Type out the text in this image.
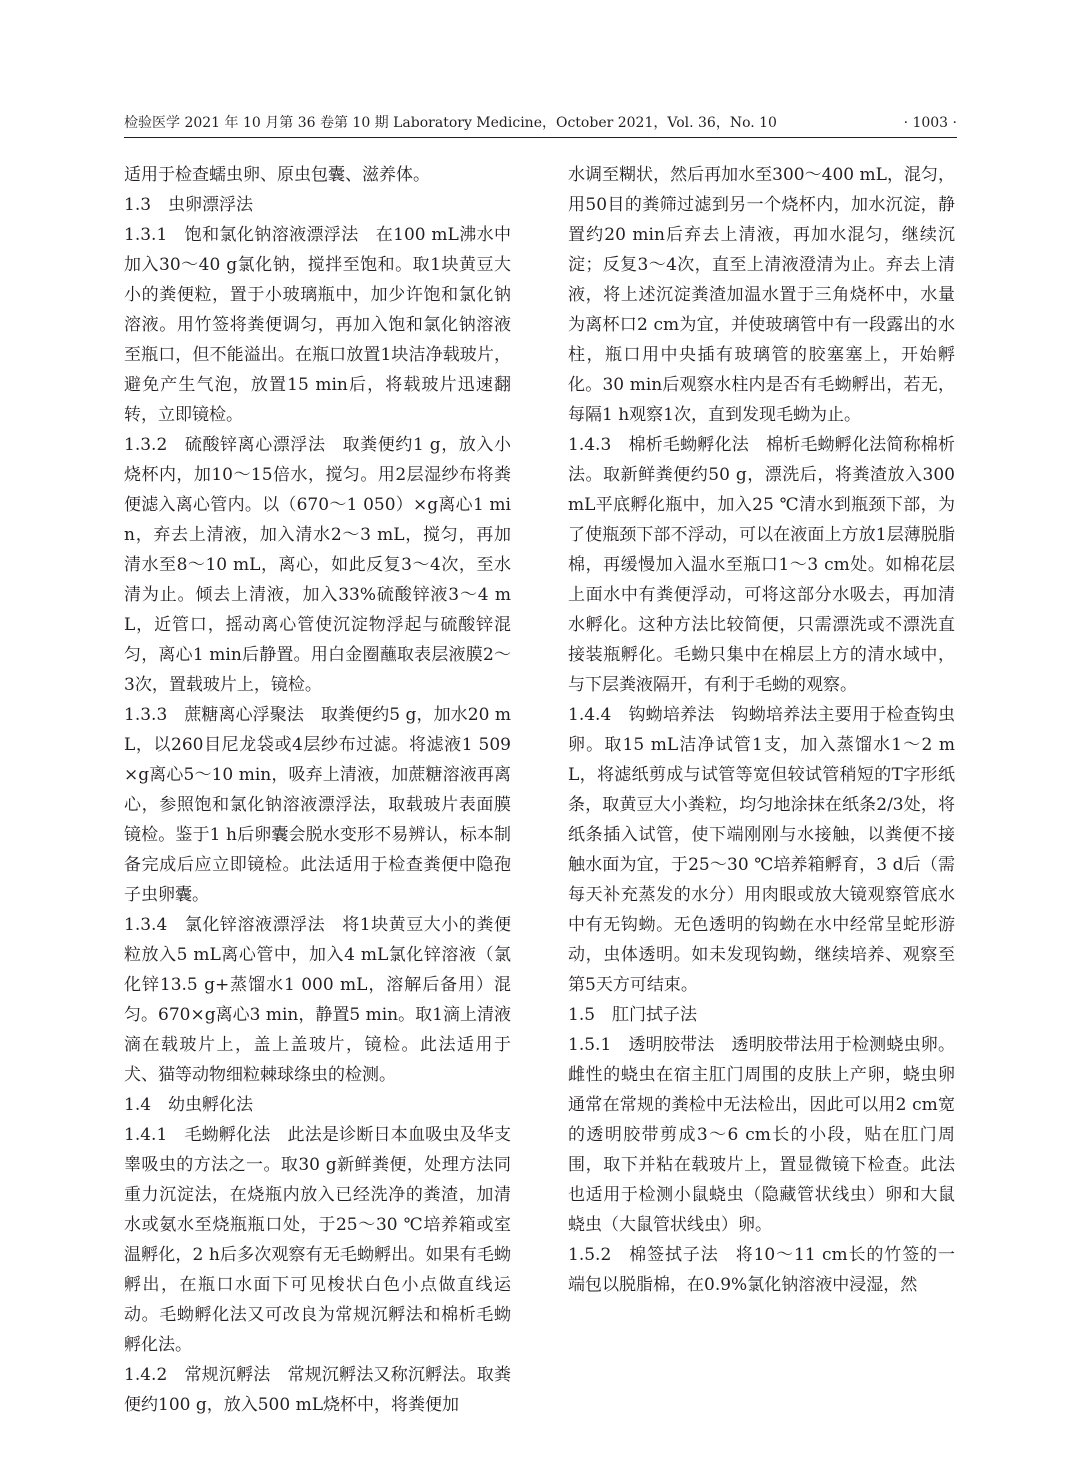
检验医学 2021 年 10 月第 36 卷第 10 期 Laboratory Medicine，October 2021，Vol. 36，No. 10	· 1003 ·

适用于检查蠕虫卵、原虫包囊、滋养体。

1.3 虫卵漂浮法

1.3.1 饱和氯化钠溶液漂浮法 在100 mL沸水中加入30～40 g氯化钠，搅拌至饱和。取1块黄豆大小的粪便粒，置于小玻璃瓶中，加少许饱和氯化钠溶液。用竹签将粪便调匀，再加入饱和氯化钠溶液至瓶口，但不能溢出。在瓶口放置1块洁净载玻片，避免产生气泡，放置15 min后，将载玻片迅速翻转，立即镜检。

1.3.2 硫酸锌离心漂浮法 取粪便约1 g，放入小烧杯内，加10～15倍水，搅匀。用2层湿纱布将粪便滤入离心管内。以（670～1 050）×g离心1 min，弃去上清液，加入清水2～3 mL，搅匀，再加清水至8～10 mL，离心，如此反复3～4次，至水清为止。倾去上清液，加入33%硫酸锌液3～4 mL，近管口，摇动离心管使沉淀物浮起与硫酸锌混匀，离心1 min后静置。用白金圈蘸取表层液膜2～3次，置载玻片上，镜检。

1.3.3 蔗糖离心浮聚法 取粪便约5 g，加水20 mL，以260目尼龙袋或4层纱布过滤。将滤液1 509×g离心5～10 min，吸弃上清液，加蔗糖溶液再离心，参照饱和氯化钠溶液漂浮法，取载玻片表面膜镜检。鉴于1 h后卵囊会脱水变形不易辨认，标本制备完成后应立即镜检。此法适用于检查粪便中隐孢子虫卵囊。

1.3.4 氯化锌溶液漂浮法 将1块黄豆大小的粪便粒放入5 mL离心管中，加入4 mL氯化锌溶液（氯化锌13.5 g+蒸馏水1 000 mL，溶解后备用）混匀。670×g离心3 min，静置5 min。取1滴上清液滴在载玻片上，盖上盖玻片，镜检。此法适用于犬、猫等动物细粒棘球绦虫的检测。

1.4 幼虫孵化法

1.4.1 毛蚴孵化法 此法是诊断日本血吸虫及华支睾吸虫的方法之一。取30 g新鲜粪便，处理方法同重力沉淀法，在烧瓶内放入已经洗净的粪渣，加清水或氨水至烧瓶瓶口处，于25～30 ℃培养箱或室温孵化，2 h后多次观察有无毛蚴孵出。如果有毛蚴孵出，在瓶口水面下可见梭状白色小点做直线运动。毛蚴孵化法又可改良为常规沉孵法和棉析毛蚴孵化法。

1.4.2 常规沉孵法 常规沉孵法又称沉孵法。取粪便约100 g，放入500 mL烧杯中，将粪便加

水调至糊状，然后再加水至300～400 mL，混匀，用50目的粪筛过滤到另一个烧杯内，加水沉淀，静置约20 min后弃去上清液，再加水混匀，继续沉淀；反复3～4次，直至上清液澄清为止。弃去上清液，将上述沉淀粪渣加温水置于三角烧杯中，水量为离杯口2 cm为宜，并使玻璃管中有一段露出的水柱，瓶口用中央插有玻璃管的胶塞塞上，开始孵化。30 min后观察水柱内是否有毛蚴孵出，若无，每隔1 h观察1次，直到发现毛蚴为止。

1.4.3 棉析毛蚴孵化法 棉析毛蚴孵化法简称棉析法。取新鲜粪便约50 g，漂洗后，将粪渣放入300 mL平底孵化瓶中，加入25 ℃清水到瓶颈下部，为了使瓶颈下部不浮动，可以在液面上方放1层薄脱脂棉，再缓慢加入温水至瓶口1～3 cm处。如棉花层上面水中有粪便浮动，可将这部分水吸去，再加清水孵化。这种方法比较简便，只需漂洗或不漂洗直接装瓶孵化。毛蚴只集中在棉层上方的清水域中，与下层粪液隔开，有利于毛蚴的观察。

1.4.4 钩蚴培养法 钩蚴培养法主要用于检查钩虫卵。取15 mL洁净试管1支，加入蒸馏水1～2 mL，将滤纸剪成与试管等宽但较试管稍短的T字形纸条，取黄豆大小粪粒，均匀地涂抹在纸条2/3处，将纸条插入试管，使下端刚刚与水接触，以粪便不接触水面为宜，于25～30 ℃培养箱孵育，3 d后（需每天补充蒸发的水分）用肉眼或放大镜观察管底水中有无钩蚴。无色透明的钩蚴在水中经常呈蛇形游动，虫体透明。如未发现钩蚴，继续培养、观察至第5天方可结束。

1.5 肛门拭子法

1.5.1 透明胶带法 透明胶带法用于检测蛲虫卵。雌性的蛲虫在宿主肛门周围的皮肤上产卵，蛲虫卵通常在常规的粪检中无法检出，因此可以用2 cm宽的透明胶带剪成3～6 cm长的小段，贴在肛门周围，取下并粘在载玻片上，置显微镜下检查。此法也适用于检测小鼠蛲虫（隐藏管状线虫）卵和大鼠蛲虫（大鼠管状线虫）卵。

1.5.2 棉签拭子法 将10～11 cm长的竹签的一端包以脱脂棉，在0.9%氯化钠溶液中浸湿，然
